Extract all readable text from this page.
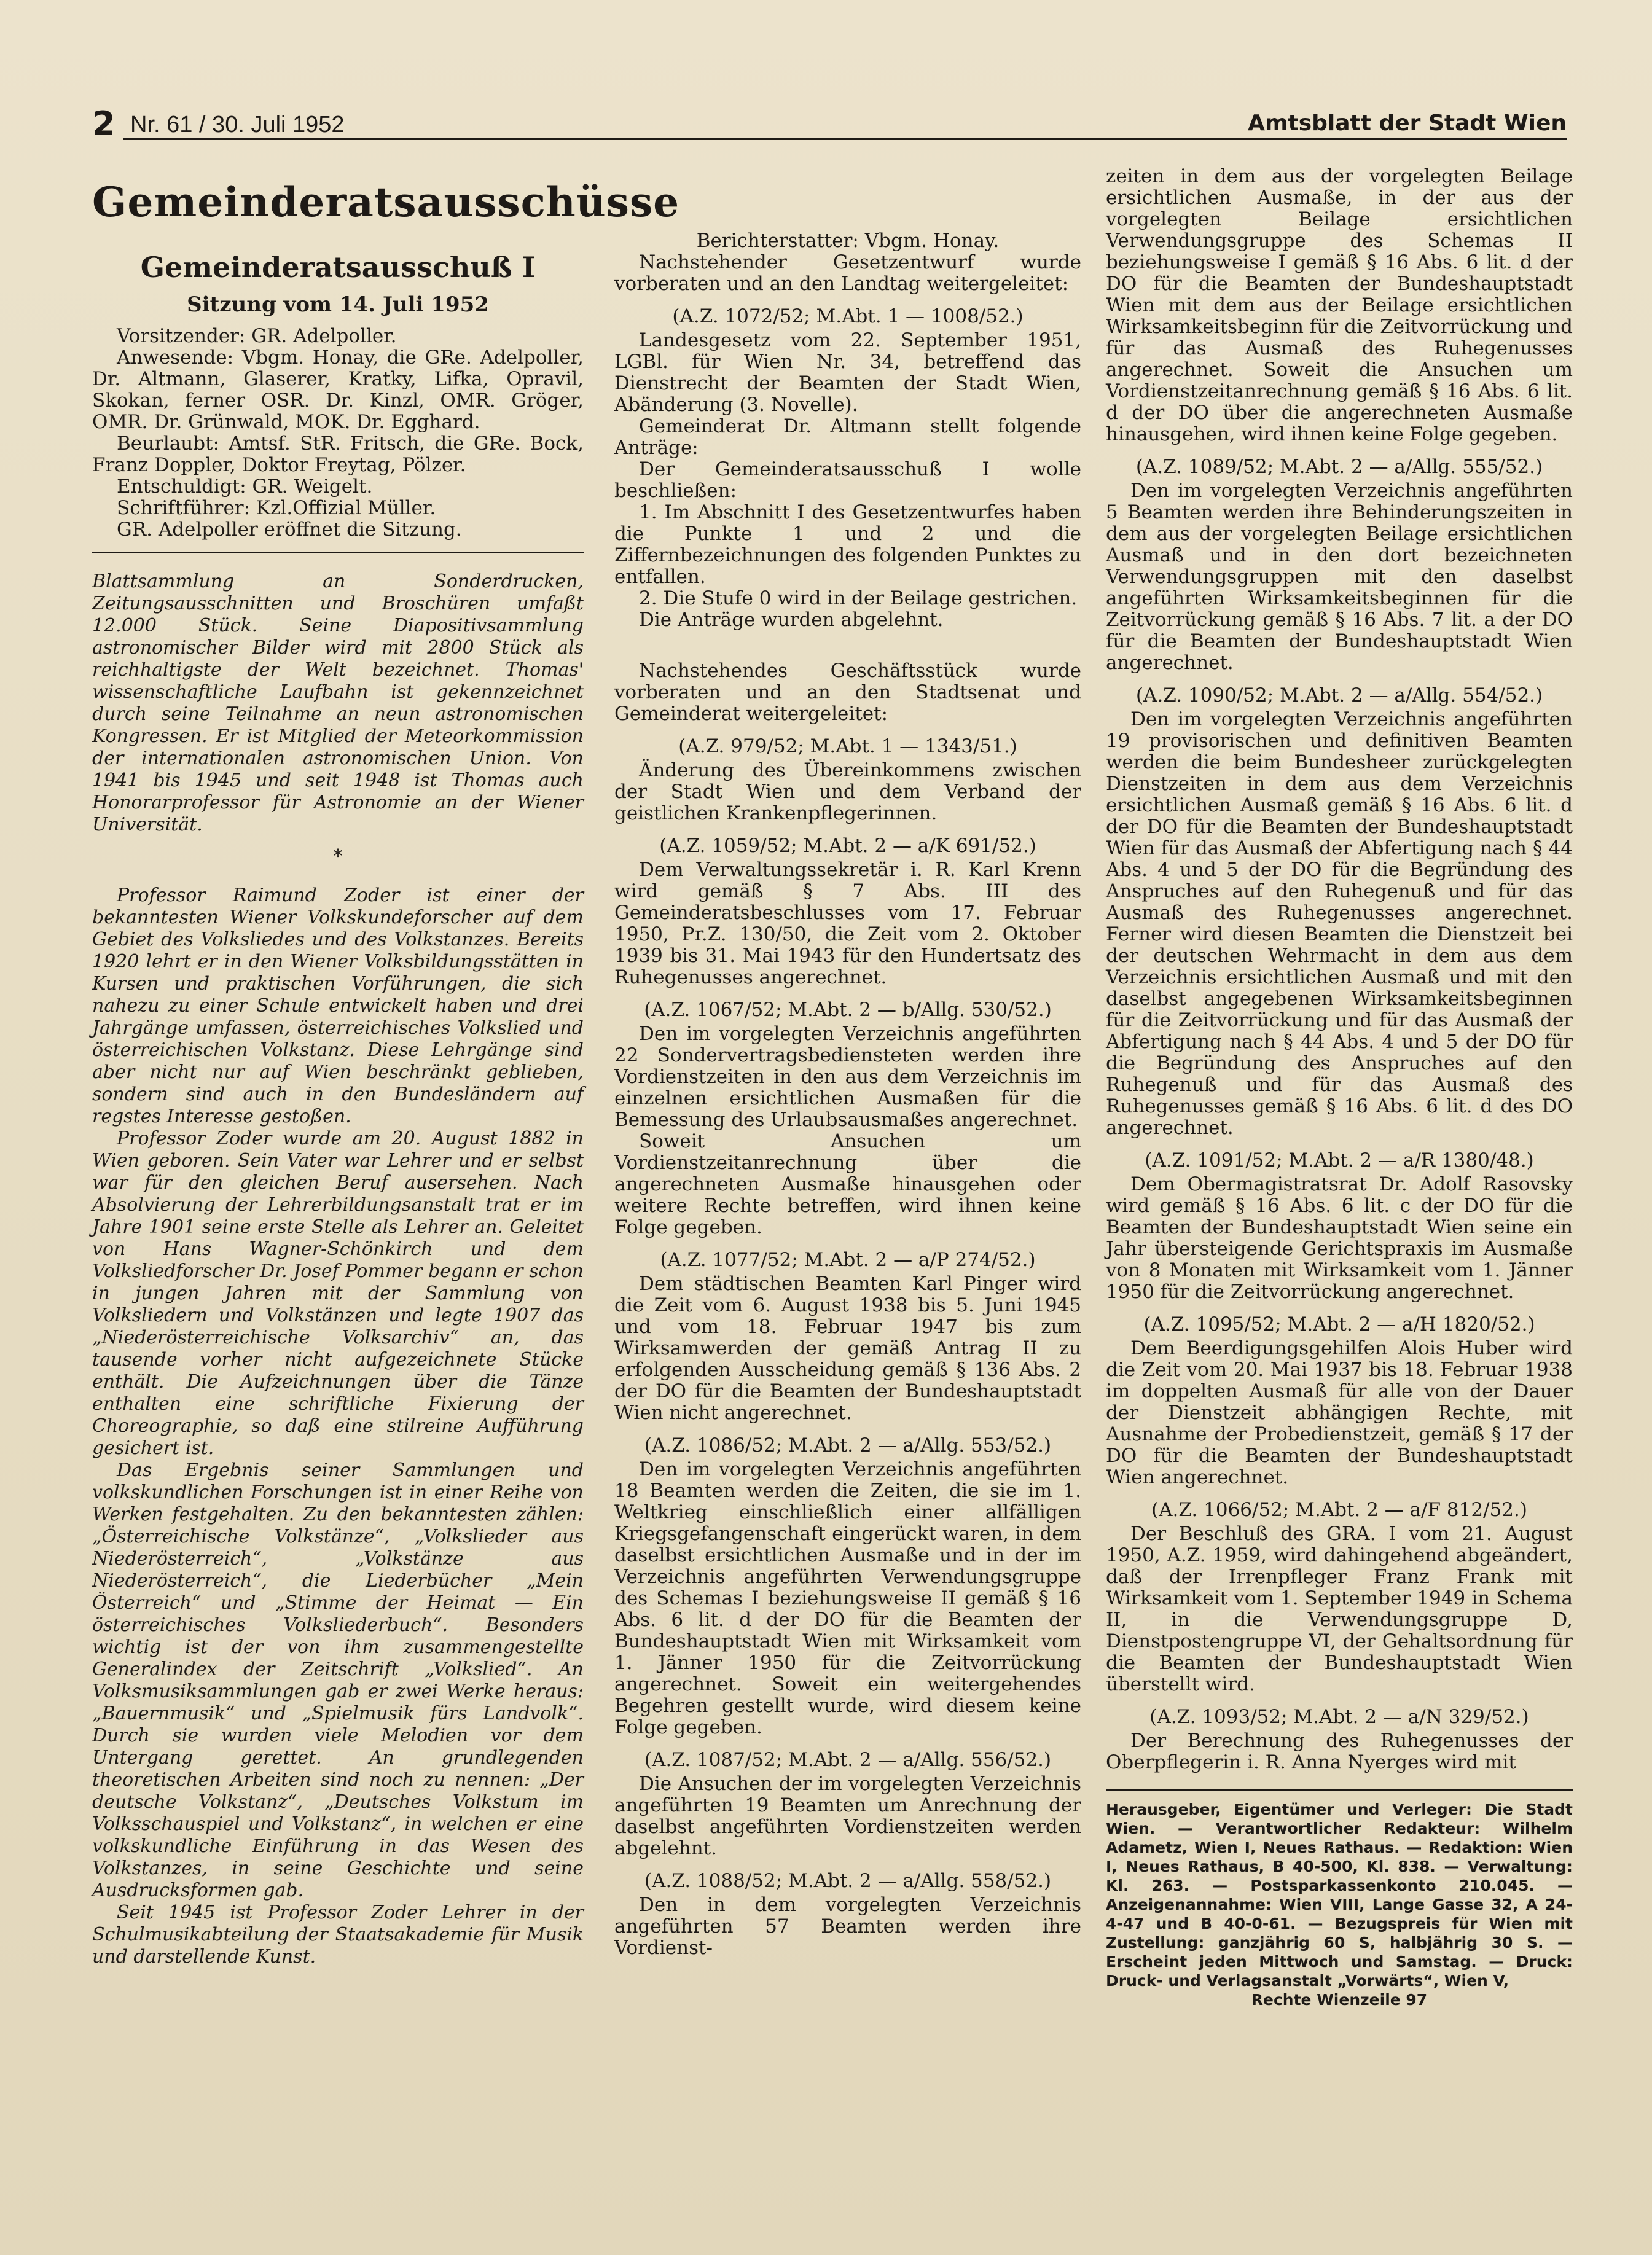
2 Nr. 61 / 30. Juli 1952	Amtsblatt der Stadt Wien
Gemeinderatsausschüsse
Gemeinderatsausschuß I
Sitzung vom 14. Juli 1952

Vorsitzender: GR. Adelpoller.

Anwesende: Vbgm. Honay, die GRe. Adelpoller, Dr. Altmann, Glaserer, Kratky, Lifka, Opravil, Skokan, ferner OSR. Dr. Kinzl, OMR. Gröger, OMR. Dr. Grünwald, MOK. Dr. Egghard.

Beurlaubt: Amtsf. StR. Fritsch, die GRe. Bock, Franz Doppler, Doktor Freytag, Pölzer.

Entschuldigt: GR. Weigelt.

Schriftführer: Kzl.Offizial Müller.

GR. Adelpoller eröffnet die Sitzung.

Blattsammlung an Sonderdrucken, Zeitungsausschnitten und Broschüren umfaßt 12.000 Stück. Seine Diapositivsammlung astronomischer Bilder wird mit 2800 Stück als reichhaltigste der Welt bezeichnet. Thomas' wissenschaftliche Laufbahn ist gekennzeichnet durch seine Teilnahme an neun astronomischen Kongressen. Er ist Mitglied der Meteorkommission der internationalen astronomischen Union. Von 1941 bis 1945 und seit 1948 ist Thomas auch Honorarprofessor für Astronomie an der Wiener Universität.

*

Professor Raimund Zoder ist einer der bekanntesten Wiener Volkskundeforscher auf dem Gebiet des Volksliedes und des Volkstanzes. Bereits 1920 lehrt er in den Wiener Volksbildungsstätten in Kursen und praktischen Vorführungen, die sich nahezu zu einer Schule entwickelt haben und drei Jahrgänge umfassen, österreichisches Volkslied und österreichischen Volkstanz. Diese Lehrgänge sind aber nicht nur auf Wien beschränkt geblieben, sondern sind auch in den Bundesländern auf regstes Interesse gestoßen.

Professor Zoder wurde am 20. August 1882 in Wien geboren. Sein Vater war Lehrer und er selbst war für den gleichen Beruf ausersehen. Nach Absolvierung der Lehrerbildungsanstalt trat er im Jahre 1901 seine erste Stelle als Lehrer an. Geleitet von Hans Wagner-Schönkirch und dem Volksliedforscher Dr. Josef Pommer begann er schon in jungen Jahren mit der Sammlung von Volksliedern und Volkstänzen und legte 1907 das „Niederösterreichische Volksarchiv“ an, das tausende vorher nicht aufgezeichnete Stücke enthält. Die Aufzeichnungen über die Tänze enthalten eine schriftliche Fixierung der Choreographie, so daß eine stilreine Aufführung gesichert ist.

Das Ergebnis seiner Sammlungen und volkskundlichen Forschungen ist in einer Reihe von Werken festgehalten. Zu den bekanntesten zählen: „Österreichische Volkstänze“, „Volkslieder aus Niederösterreich“, „Volkstänze aus Niederösterreich“, die Liederbücher „Mein Österreich“ und „Stimme der Heimat — Ein österreichisches Volksliederbuch“. Besonders wichtig ist der von ihm zusammengestellte Generalindex der Zeitschrift „Volkslied“. An Volksmusiksammlungen gab er zwei Werke heraus: „Bauernmusik“ und „Spielmusik fürs Landvolk“. Durch sie wurden viele Melodien vor dem Untergang gerettet. An grundlegenden theoretischen Arbeiten sind noch zu nennen: „Der deutsche Volkstanz“, „Deutsches Volkstum im Volksschauspiel und Volkstanz“, in welchen er eine volkskundliche Einführung in das Wesen des Volkstanzes, in seine Geschichte und seine Ausdrucksformen gab.

Seit 1945 ist Professor Zoder Lehrer in der Schulmusikabteilung der Staatsakademie für Musik und darstellende Kunst.

Berichterstatter: Vbgm. Honay.

Nachstehender Gesetzentwurf wurde vorberaten und an den Landtag weitergeleitet:

(A.Z. 1072/52; M.Abt. 1 — 1008/52.)

Landesgesetz vom 22. September 1951, LGBl. für Wien Nr. 34, betreffend das Dienstrecht der Beamten der Stadt Wien, Abänderung (3. Novelle).

Gemeinderat Dr. Altmann stellt folgende Anträge:

Der Gemeinderatsausschuß I wolle beschließen:

1. Im Abschnitt I des Gesetzentwurfes haben die Punkte 1 und 2 und die Ziffernbezeichnungen des folgenden Punktes zu entfallen.

2. Die Stufe 0 wird in der Beilage gestrichen.

Die Anträge wurden abgelehnt.

Nachstehendes Geschäftsstück wurde vorberaten und an den Stadtsenat und Gemeinderat weitergeleitet:

(A.Z. 979/52; M.Abt. 1 — 1343/51.)

Änderung des Übereinkommens zwischen der Stadt Wien und dem Verband der geistlichen Krankenpflegerinnen.

(A.Z. 1059/52; M.Abt. 2 — a/K 691/52.)

Dem Verwaltungssekretär i. R. Karl Krenn wird gemäß § 7 Abs. III des Gemeinderatsbeschlusses vom 17. Februar 1950, Pr.Z. 130/50, die Zeit vom 2. Oktober 1939 bis 31. Mai 1943 für den Hundertsatz des Ruhegenusses angerechnet.

(A.Z. 1067/52; M.Abt. 2 — b/Allg. 530/52.)

Den im vorgelegten Verzeichnis angeführten 22 Sondervertragsbediensteten werden ihre Vordienstzeiten in den aus dem Verzeichnis im einzelnen ersichtlichen Ausmaßen für die Bemessung des Urlaubsausmaßes angerechnet.

Soweit Ansuchen um Vordienstzeitanrechnung über die angerechneten Ausmaße hinausgehen oder weitere Rechte betreffen, wird ihnen keine Folge gegeben.

(A.Z. 1077/52; M.Abt. 2 — a/P 274/52.)

Dem städtischen Beamten Karl Pinger wird die Zeit vom 6. August 1938 bis 5. Juni 1945 und vom 18. Februar 1947 bis zum Wirksamwerden der gemäß Antrag II zu erfolgenden Ausscheidung gemäß § 136 Abs. 2 der DO für die Beamten der Bundeshauptstadt Wien nicht angerechnet.

(A.Z. 1086/52; M.Abt. 2 — a/Allg. 553/52.)

Den im vorgelegten Verzeichnis angeführten 18 Beamten werden die Zeiten, die sie im 1. Weltkrieg einschließlich einer allfälligen Kriegsgefangenschaft eingerückt waren, in dem daselbst ersichtlichen Ausmaße und in der im Verzeichnis angeführten Verwendungsgruppe des Schemas I beziehungsweise II gemäß § 16 Abs. 6 lit. d der DO für die Beamten der Bundeshauptstadt Wien mit Wirksamkeit vom 1. Jänner 1950 für die Zeitvorrückung angerechnet. Soweit ein weitergehendes Begehren gestellt wurde, wird diesem keine Folge gegeben.

(A.Z. 1087/52; M.Abt. 2 — a/Allg. 556/52.)

Die Ansuchen der im vorgelegten Verzeichnis angeführten 19 Beamten um Anrechnung der daselbst angeführten Vordienstzeiten werden abgelehnt.

(A.Z. 1088/52; M.Abt. 2 — a/Allg. 558/52.)

Den in dem vorgelegten Verzeichnis angeführten 57 Beamten werden ihre Vordienst-

zeiten in dem aus der vorgelegten Beilage ersichtlichen Ausmaße, in der aus der vorgelegten Beilage ersichtlichen Verwendungsgruppe des Schemas II beziehungsweise I gemäß § 16 Abs. 6 lit. d der DO für die Beamten der Bundeshauptstadt Wien mit dem aus der Beilage ersichtlichen Wirksamkeitsbeginn für die Zeitvorrückung und für das Ausmaß des Ruhegenusses angerechnet. Soweit die Ansuchen um Vordienstzeitanrechnung gemäß § 16 Abs. 6 lit. d der DO über die angerechneten Ausmaße hinausgehen, wird ihnen keine Folge gegeben.

(A.Z. 1089/52; M.Abt. 2 — a/Allg. 555/52.)

Den im vorgelegten Verzeichnis angeführten 5 Beamten werden ihre Behinderungszeiten in dem aus der vorgelegten Beilage ersichtlichen Ausmaß und in den dort bezeichneten Verwendungsgruppen mit den daselbst angeführten Wirksamkeitsbeginnen für die Zeitvorrückung gemäß § 16 Abs. 7 lit. a der DO für die Beamten der Bundeshauptstadt Wien angerechnet.

(A.Z. 1090/52; M.Abt. 2 — a/Allg. 554/52.)

Den im vorgelegten Verzeichnis angeführten 19 provisorischen und definitiven Beamten werden die beim Bundesheer zurückgelegten Dienstzeiten in dem aus dem Verzeichnis ersichtlichen Ausmaß gemäß § 16 Abs. 6 lit. d der DO für die Beamten der Bundeshauptstadt Wien für das Ausmaß der Abfertigung nach § 44 Abs. 4 und 5 der DO für die Begründung des Anspruches auf den Ruhegenuß und für das Ausmaß des Ruhegenusses angerechnet. Ferner wird diesen Beamten die Dienstzeit bei der deutschen Wehrmacht in dem aus dem Verzeichnis ersichtlichen Ausmaß und mit den daselbst angegebenen Wirksamkeitsbeginnen für die Zeitvorrückung und für das Ausmaß der Abfertigung nach § 44 Abs. 4 und 5 der DO für die Begründung des Anspruches auf den Ruhegenuß und für das Ausmaß des Ruhegenusses gemäß § 16 Abs. 6 lit. d des DO angerechnet.

(A.Z. 1091/52; M.Abt. 2 — a/R 1380/48.)

Dem Obermagistratsrat Dr. Adolf Rasovsky wird gemäß § 16 Abs. 6 lit. c der DO für die Beamten der Bundeshauptstadt Wien seine ein Jahr übersteigende Gerichtspraxis im Ausmaße von 8 Monaten mit Wirksamkeit vom 1. Jänner 1950 für die Zeitvorrückung angerechnet.

(A.Z. 1095/52; M.Abt. 2 — a/H 1820/52.)

Dem Beerdigungsgehilfen Alois Huber wird die Zeit vom 20. Mai 1937 bis 18. Februar 1938 im doppelten Ausmaß für alle von der Dauer der Dienstzeit abhängigen Rechte, mit Ausnahme der Probedienstzeit, gemäß § 17 der DO für die Beamten der Bundeshauptstadt Wien angerechnet.

(A.Z. 1066/52; M.Abt. 2 — a/F 812/52.)

Der Beschluß des GRA. I vom 21. August 1950, A.Z. 1959, wird dahingehend abgeändert, daß der Irrenpfleger Franz Frank mit Wirksamkeit vom 1. September 1949 in Schema II, in die Verwendungsgruppe D, Dienstpostengruppe VI, der Gehaltsordnung für die Beamten der Bundeshauptstadt Wien überstellt wird.

(A.Z. 1093/52; M.Abt. 2 — a/N 329/52.)

Der Berechnung des Ruhegenusses der Oberpflegerin i. R. Anna Nyerges wird mit

Herausgeber, Eigentümer und Verleger: Die Stadt Wien. — Verantwortlicher Redakteur: Wilhelm Adametz, Wien I, Neues Rathaus. — Redaktion: Wien I, Neues Rathaus, B 40-500, Kl. 838. — Verwaltung: Kl. 263. — Postsparkassenkonto 210.045. — Anzeigenannahme: Wien VIII, Lange Gasse 32, A 24-4-47 und B 40-0-61. — Bezugspreis für Wien mit Zustellung: ganzjährig 60 S, halbjährig 30 S. — Erscheint jeden Mittwoch und Samstag. — Druck: Druck- und Verlagsanstalt „Vorwärts“, Wien V,

Rechte Wienzeile 97
